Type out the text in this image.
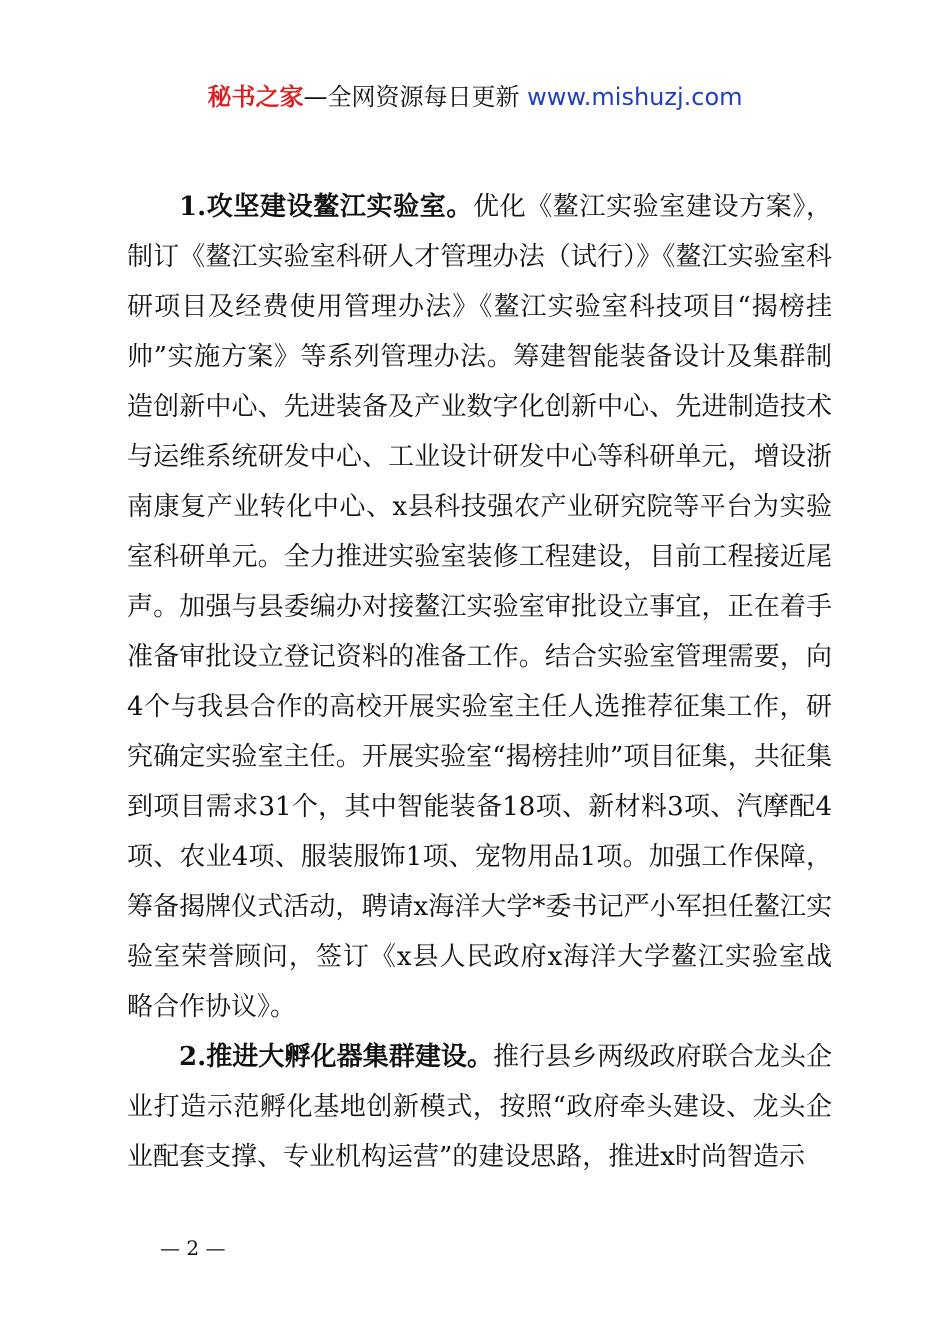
秘书之家—全网资源每日更新 www.mishuzj.com

1.攻坚建设鳌江实验室。优化《鳌江实验室建设方案》，制订《鳌江实验室科研人才管理办法（试行）》《鳌江实验室科研项目及经费使用管理办法》《鳌江实验室科技项目“揭榜挂帅”实施方案》等系列管理办法。筹建智能装备设计及集群制造创新中心、先进装备及产业数字化创新中心、先进制造技术与运维系统研发中心、工业设计研发中心等科研单元，增设浙南康复产业转化中心、x县科技强农产业研究院等平台为实验室科研单元。全力推进实验室装修工程建设，目前工程接近尾声。加强与县委编办对接鳌江实验室审批设立事宜，正在着手准备审批设立登记资料的准备工作。结合实验室管理需要，向4个与我县合作的高校开展实验室主任人选推荐征集工作，研究确定实验室主任。开展实验室“揭榜挂帅”项目征集，共征集到项目需求31个，其中智能装备18项、新材料3项、汽摩配4项、农业4项、服装服饰1项、宠物用品1项。加强工作保障，筹备揭牌仪式活动，聘请x海洋大学*委书记严小军担任鳌江实验室荣誉顾问，签订《x县人民政府x海洋大学鳌江实验室战略合作协议》。

2.推进大孵化器集群建设。推行县乡两级政府联合龙头企业打造示范孵化基地创新模式，按照“政府牵头建设、龙头企业配套支撑、专业机构运营”的建设思路，推进x时尚智造示

— 2 —
